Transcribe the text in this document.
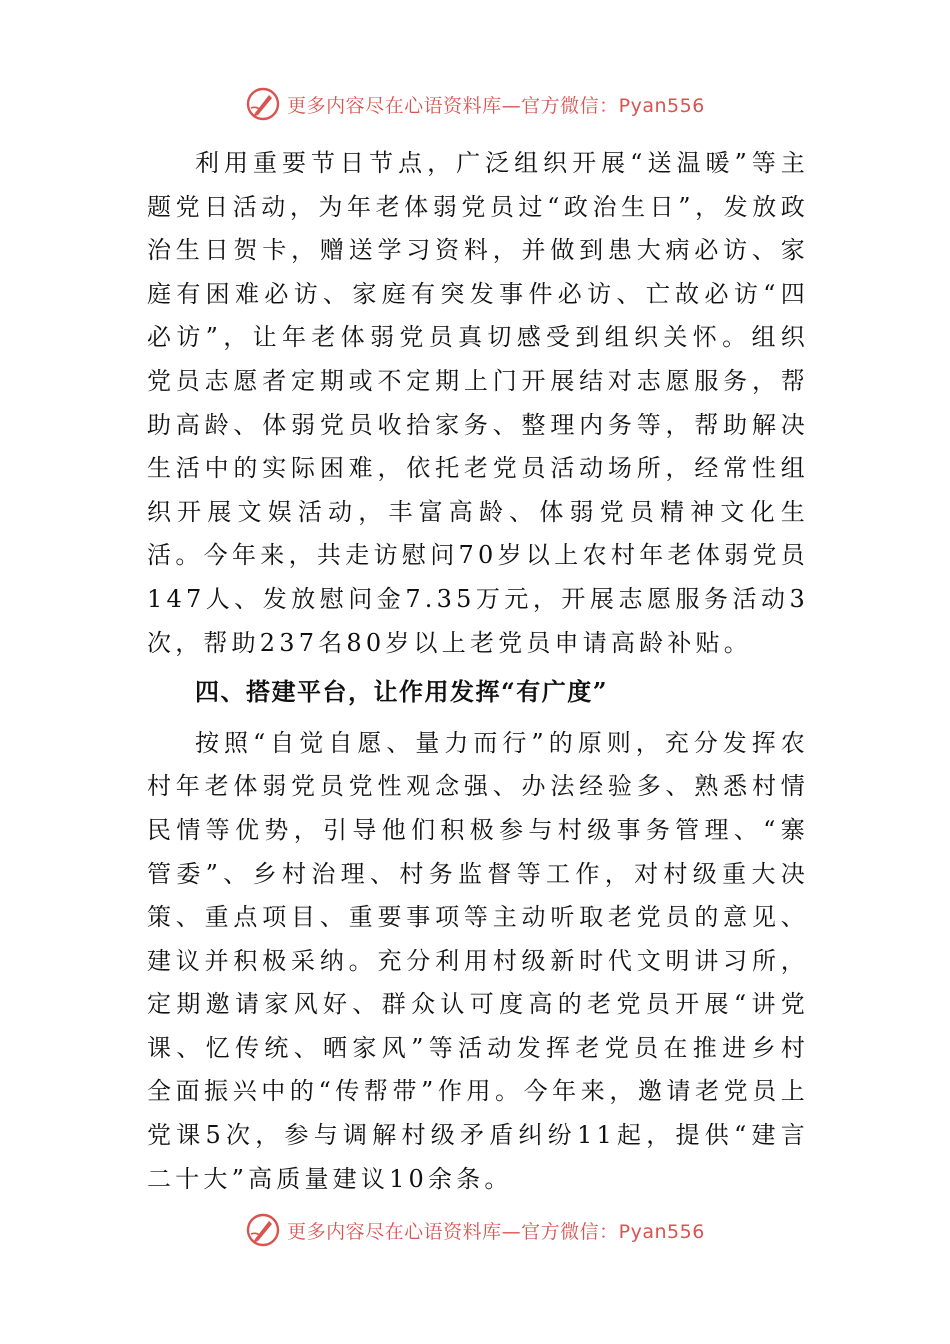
更多内容尽在心语资料库—官方微信：Pyan556

利用重要节日节点，广泛组织开展“送温暖”等主题党日活动，为年老体弱党员过“政治生日”，发放政治生日贺卡，赠送学习资料，并做到患大病必访、家庭有困难必访、家庭有突发事件必访、亡故必访“四必访”，让年老体弱党员真切感受到组织关怀。组织党员志愿者定期或不定期上门开展结对志愿服务，帮助高龄、体弱党员收拾家务、整理内务等，帮助解决生活中的实际困难，依托老党员活动场所，经常性组织开展文娱活动，丰富高龄、体弱党员精神文化生活。今年来，共走访慰问70岁以上农村年老体弱党员147人、发放慰问金7.35万元，开展志愿服务活动3次，帮助237名80岁以上老党员申请高龄补贴。

四、搭建平台，让作用发挥“有广度”

按照“自觉自愿、量力而行”的原则，充分发挥农村年老体弱党员党性观念强、办法经验多、熟悉村情民情等优势，引导他们积极参与村级事务管理、“寨管委”、乡村治理、村务监督等工作，对村级重大决策、重点项目、重要事项等主动听取老党员的意见、建议并积极采纳。充分利用村级新时代文明讲习所，定期邀请家风好、群众认可度高的老党员开展“讲党课、忆传统、晒家风”等活动发挥老党员在推进乡村全面振兴中的“传帮带”作用。今年来，邀请老党员上党课5次，参与调解村级矛盾纠纷11起，提供“建言二十大”高质量建议10余条。

更多内容尽在心语资料库—官方微信：Pyan556
